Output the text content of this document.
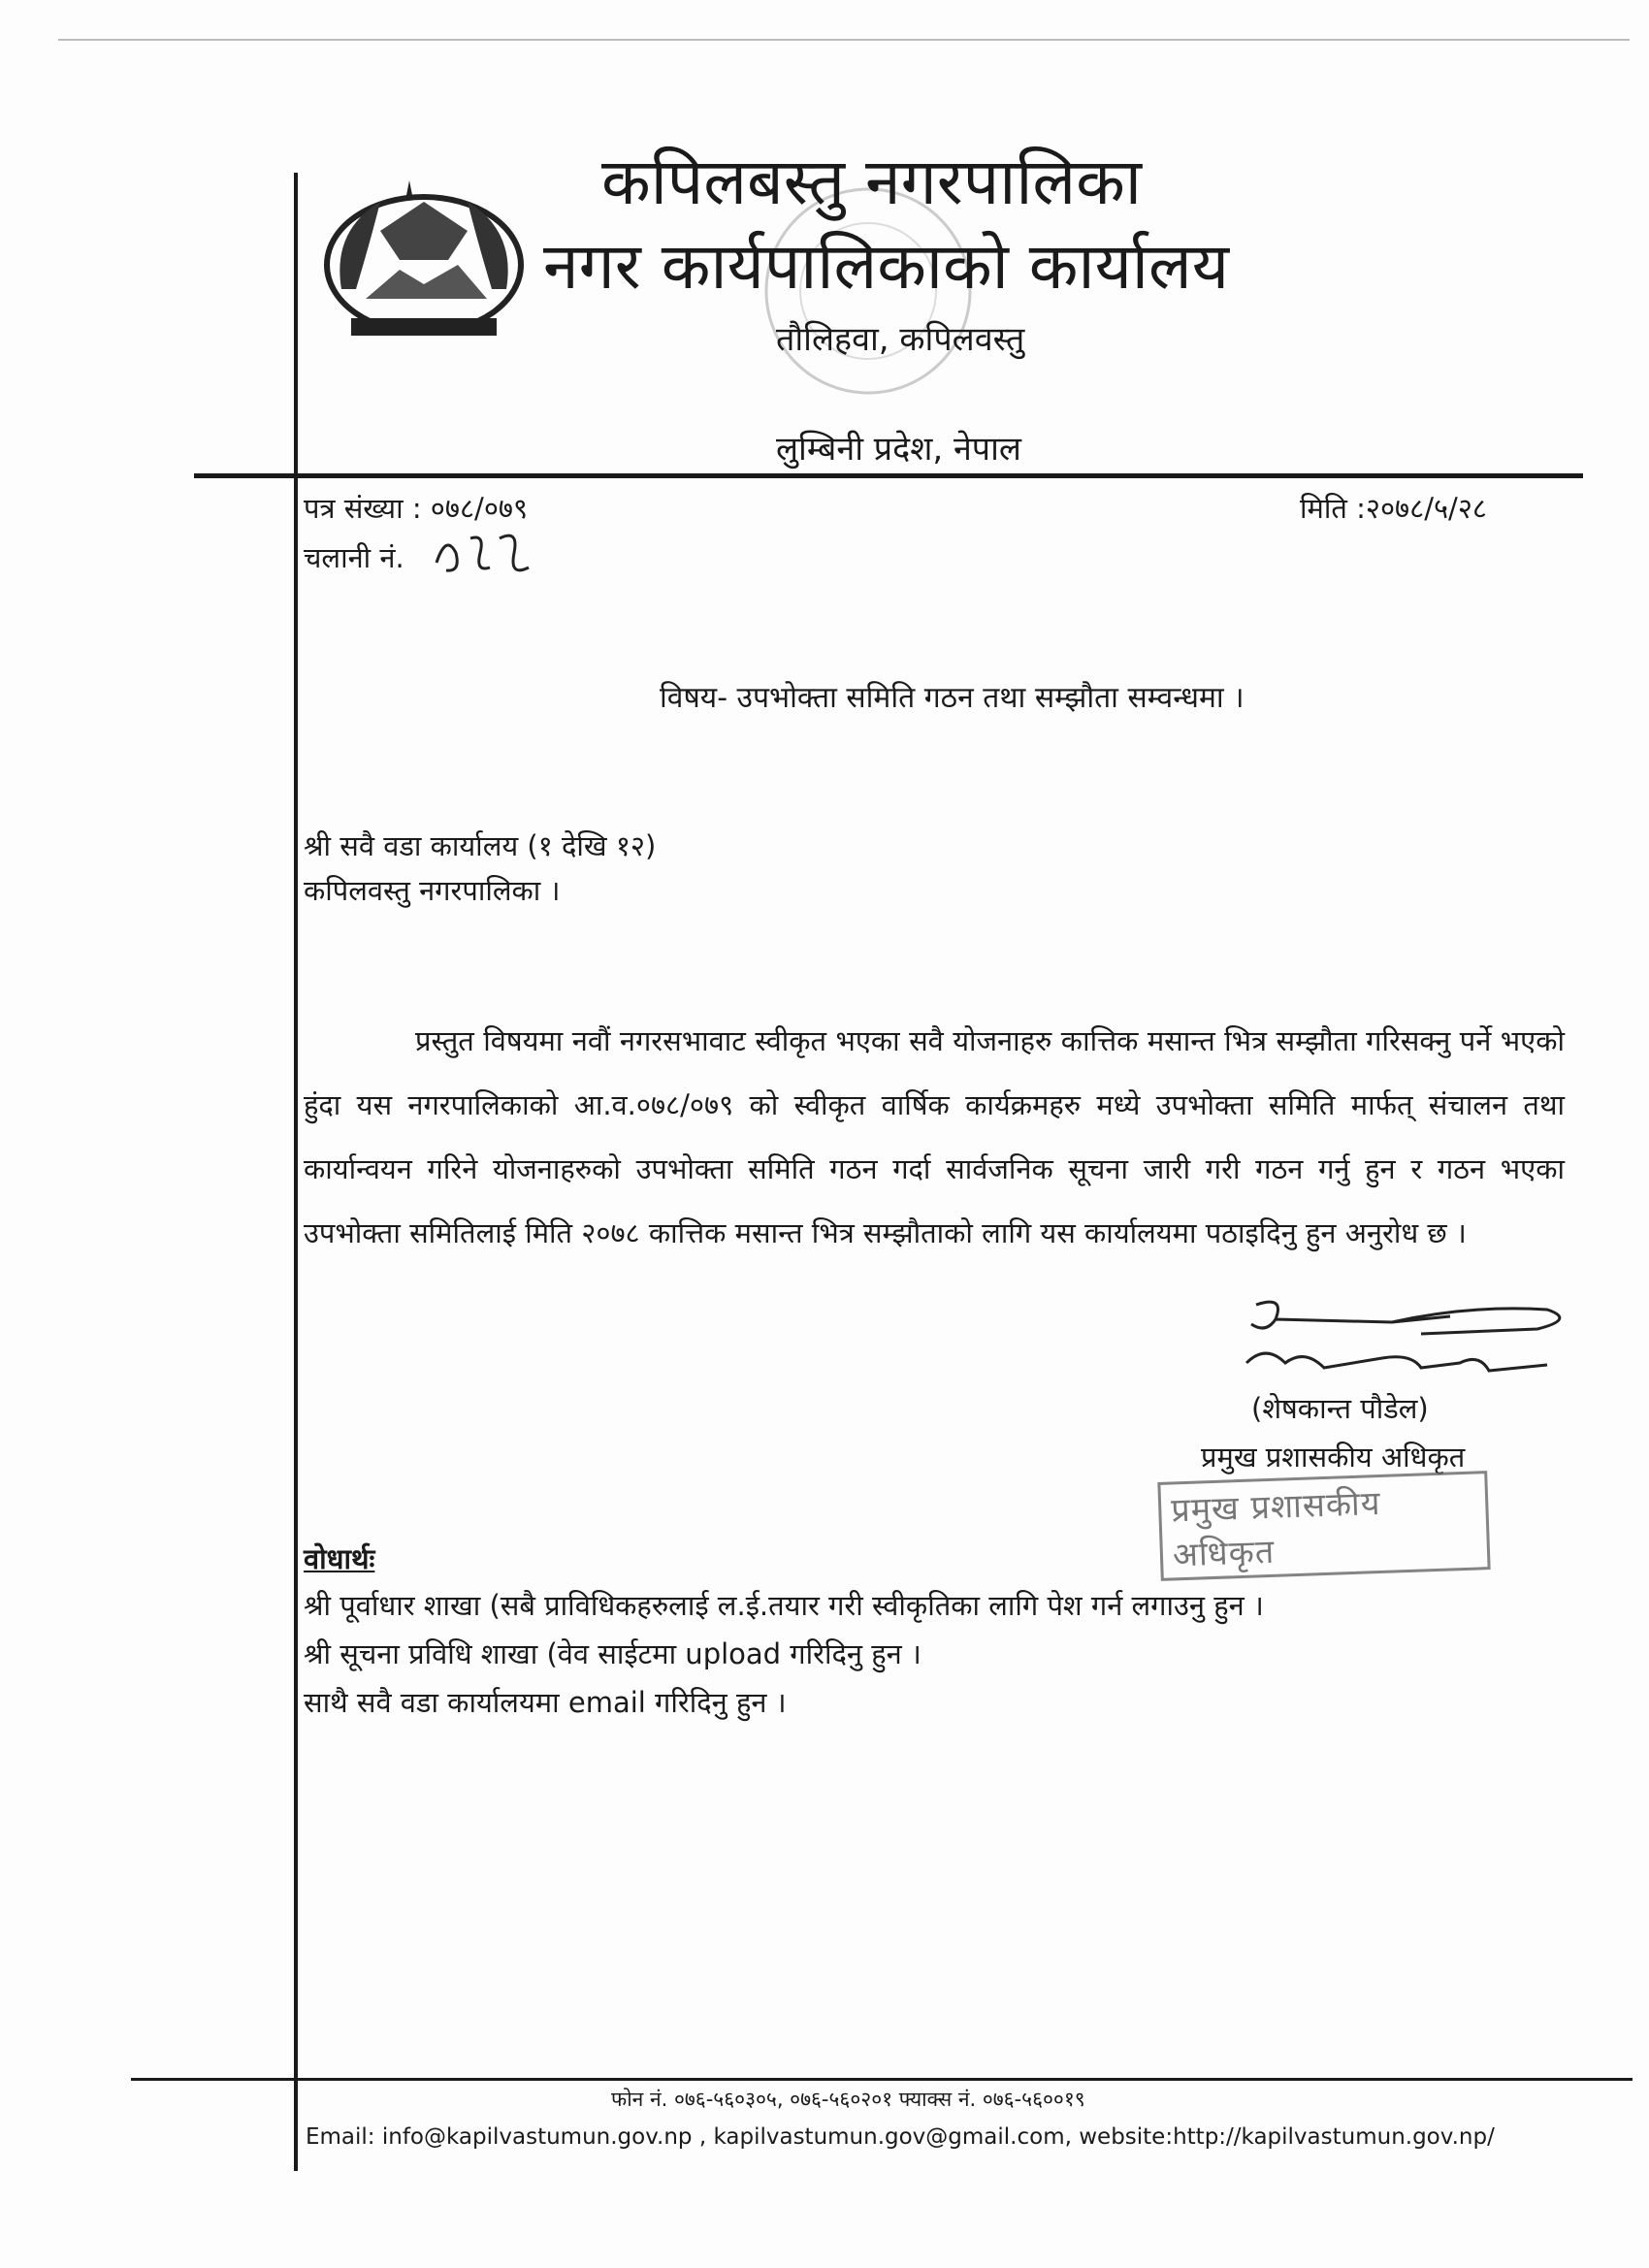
कपिलबस्तु नगरपालिका
नगर कार्यपालिकाको कार्यालय
तौलिहवा, कपिलवस्तु
लुम्बिनी प्रदेश, नेपाल
पत्र संख्या : ०७८/०७९	मिति :२०७८/५/२८
चलानी नं.
विषय- उपभोक्ता समिति गठन तथा सम्झौता सम्वन्धमा ।
श्री सवै वडा कार्यालय (१ देखि १२)
कपिलवस्तु नगरपालिका ।

प्रस्तुत विषयमा नवौं नगरसभावाट स्वीकृत भएका सवै योजनाहरु कात्तिक मसान्त भित्र सम्झौता गरिसक्नु पर्ने भएको हुंदा यस नगरपालिकाको आ.व.०७८/०७९ को स्वीकृत वार्षिक कार्यक्रमहरु मध्ये उपभोक्ता समिति मार्फत् संचालन तथा कार्यान्वयन गरिने योजनाहरुको उपभोक्ता समिति गठन गर्दा सार्वजनिक सूचना जारी गरी गठन गर्नु हुन र गठन भएका उपभोक्ता समितिलाई मिति २०७८ कात्तिक मसान्त भित्र सम्झौताको लागि यस कार्यालयमा पठाइदिनु हुन अनुरोध छ ।

(शेषकान्त पौडेल)
प्रमुख प्रशासकीय अधिकृत
प्रमुख प्रशासकीय अधिकृत
वोधार्थः
श्री पूर्वाधार शाखा (सबै प्राविधिकहरुलाई ल.ई.तयार गरी स्वीकृतिका लागि पेश गर्न लगाउनु हुन ।
श्री सूचना प्रविधि शाखा (वेव साईटमा upload गरिदिनु हुन ।
साथै सवै वडा कार्यालयमा email गरिदिनु हुन ।
फोन नं. ०७६-५६०३०५, ०७६-५६०२०१ फ्याक्स नं. ०७६-५६००१९
Email: info@kapilvastumun.gov.np , kapilvastumun.gov@gmail.com, website:http://kapilvastumun.gov.np/
